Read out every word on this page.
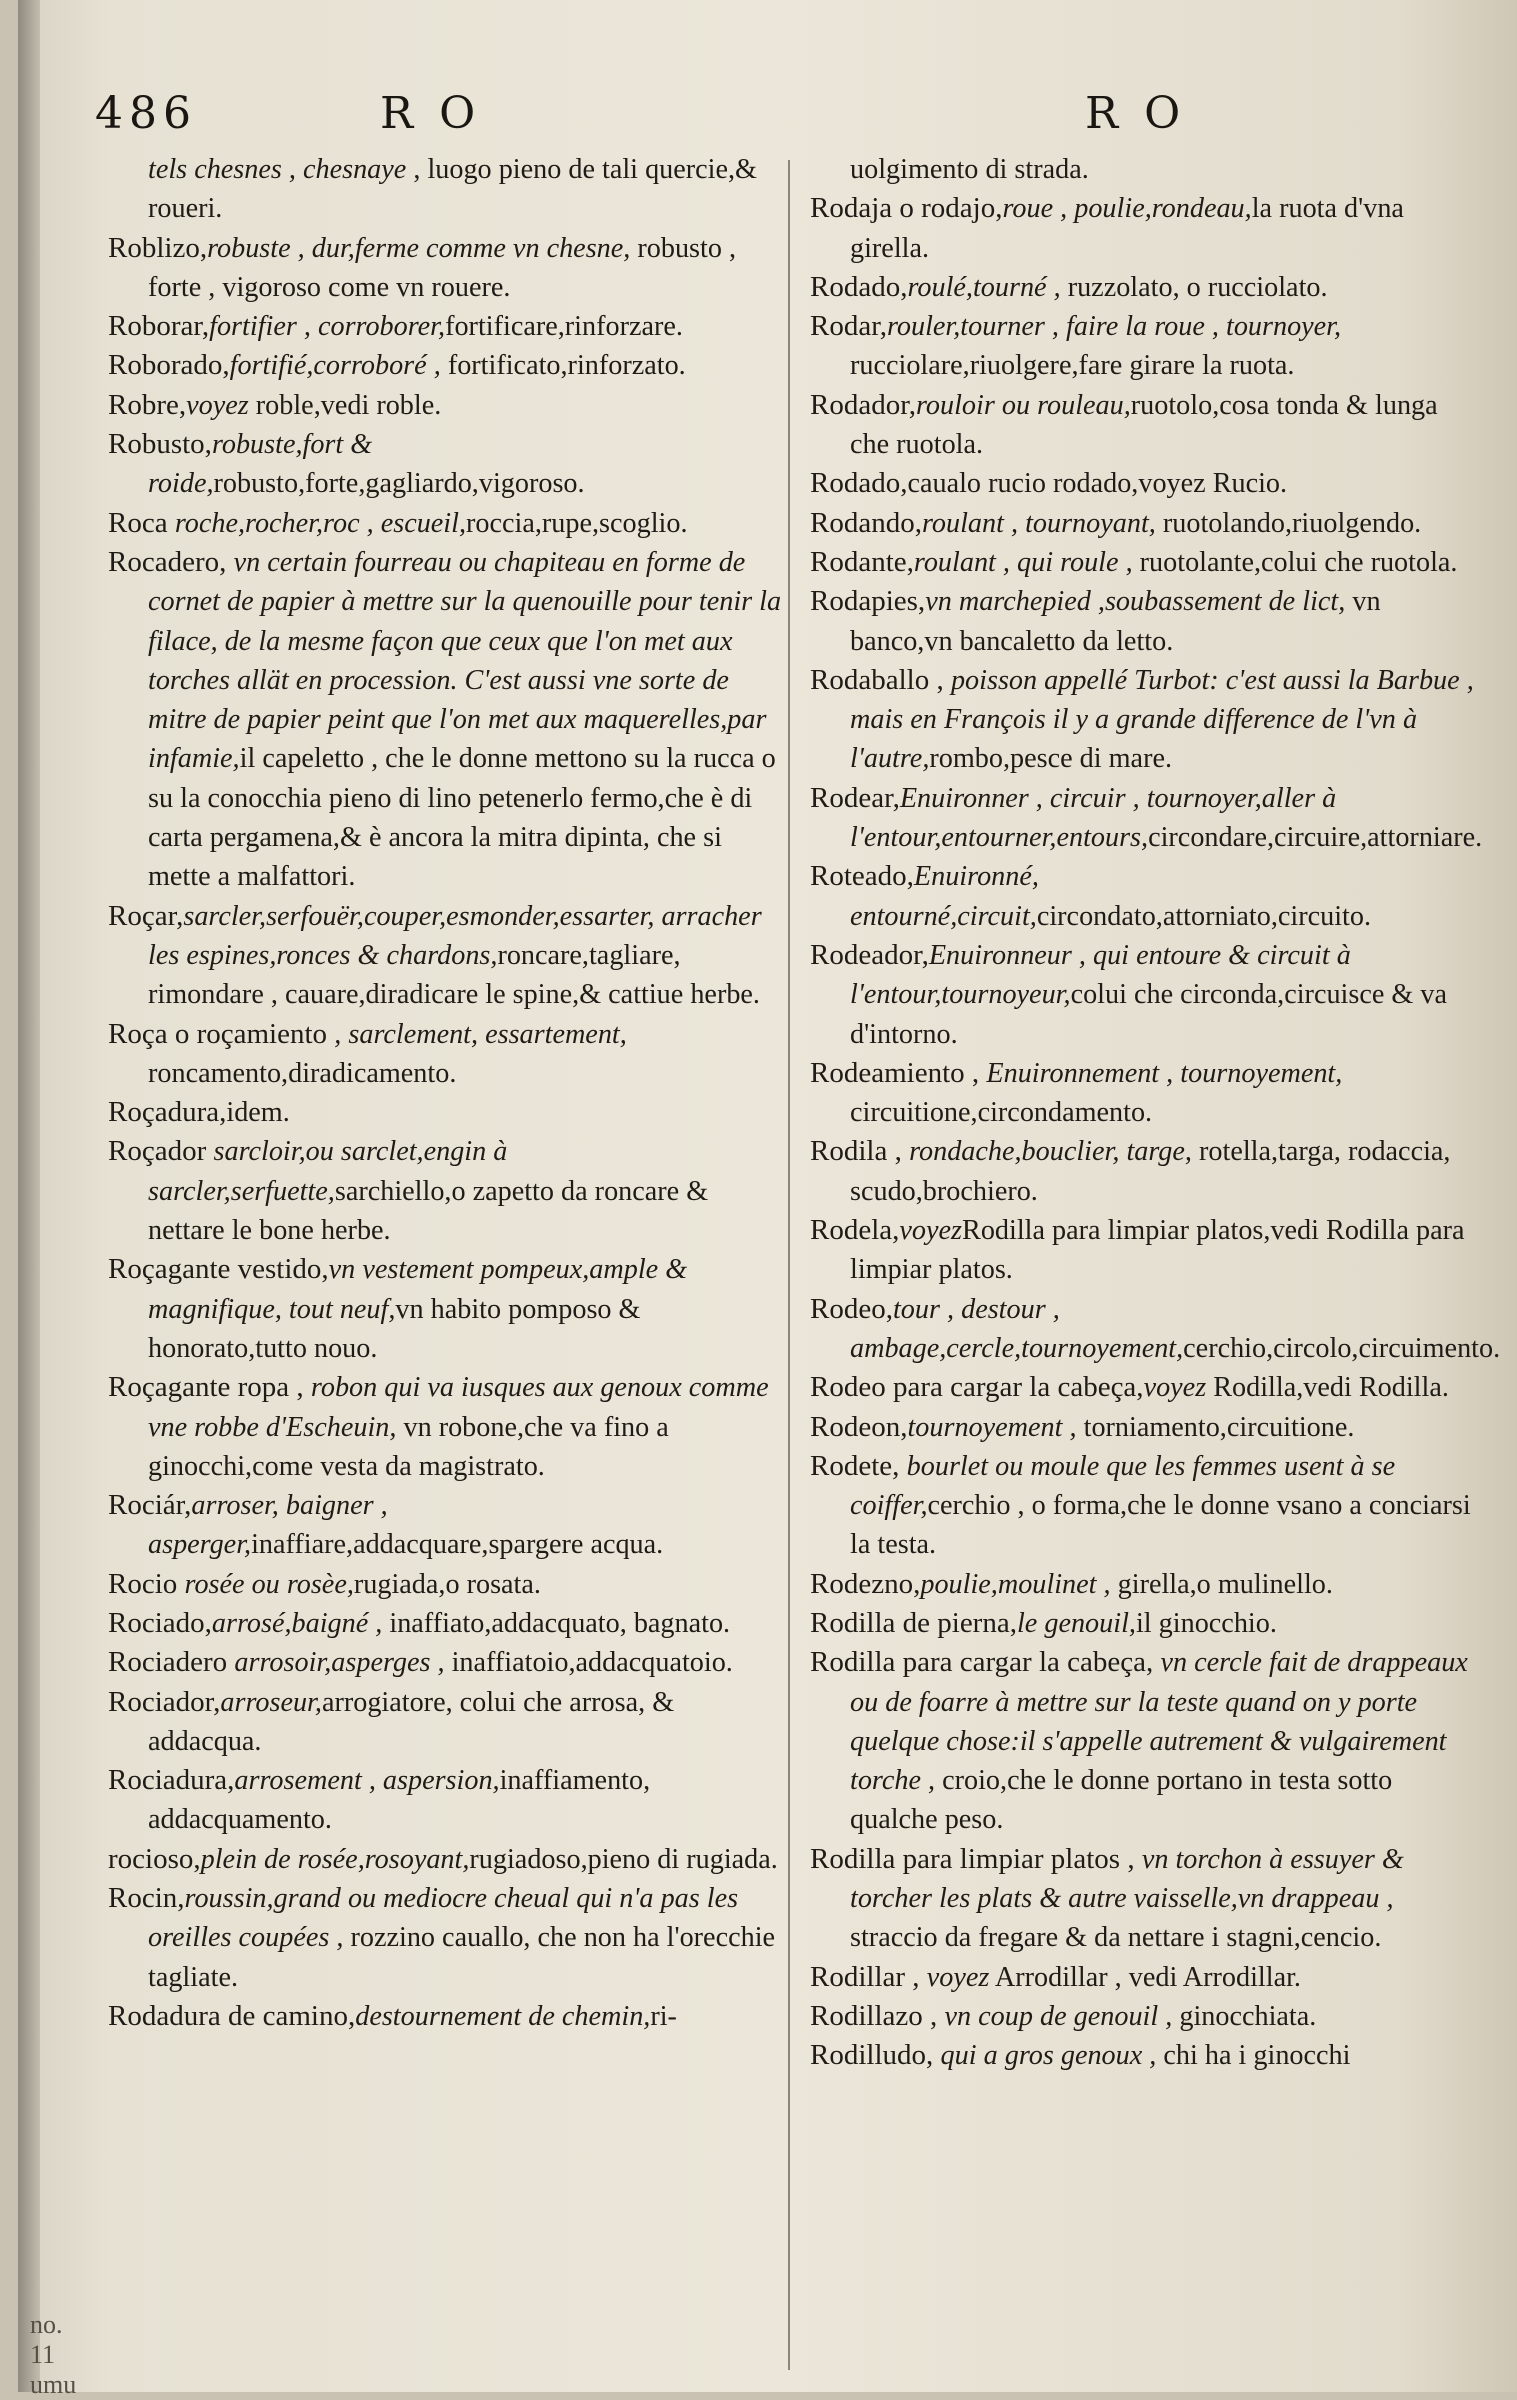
486	R O	R O
tels chesnes , chesnaye , luogo pieno de tali quercie,& roueri.
Roblizo,robuste , dur,ferme comme vn chesne, robusto , forte , vigoroso come vn rouere.
Roborar,fortifier , corroborer,fortificare,rinforzare.
Roborado,fortifié,corroboré , fortificato,rinforzato.
Robre,voyez roble,vedi roble.
Robusto,robuste,fort & roide,robusto,forte,gagliardo,vigoroso.
Roca roche,rocher,roc , escueil,roccia,rupe,scoglio.
Rocadero, vn certain fourreau ou chapiteau en forme de cornet de papier à mettre sur la quenouille pour tenir la filace, de la mesme façon que ceux que l'on met aux torches allät en procession. C'est aussi vne sorte de mitre de papier peint que l'on met aux maquerelles,par infamie,il capeletto , che le donne mettono su la rucca o su la conocchia pieno di lino petenerlo fermo,che è di carta pergamena,& è ancora la mitra dipinta, che si mette a malfattori.
Roçar,sarcler,serfouër,couper,esmonder,essarter, arracher les espines,ronces & chardons,roncare,tagliare, rimondare , cauare,diradicare le spine,& cattiue herbe.
Roça o roçamiento , sarclement, essartement, roncamento,diradicamento.
Roçadura,idem.
Roçador sarcloir,ou sarclet,engin à sarcler,serfuette,sarchiello,o zapetto da roncare & nettare le bone herbe.
Roçagante vestido,vn vestement pompeux,ample & magnifique, tout neuf,vn habito pomposo & honorato,tutto nouo.
Roçagante ropa , robon qui va iusques aux genoux comme vne robbe d'Escheuin, vn robone,che va fino a ginocchi,come vesta da magistrato.
Rociár,arroser, baigner , asperger,inaffiare,addacquare,spargere acqua.
Rocio rosée ou rosèe,rugiada,o rosata.
Rociado,arrosé,baigné , inaffiato,addacquato, bagnato.
Rociadero arrosoir,asperges , inaffiatoio,addacquatoio.
Rociador,arroseur,arrogiatore, colui che arrosa, & addacqua.
Rociadura,arrosement , aspersion,inaffiamento, addacquamento.
rocioso,plein de rosée,rosoyant,rugiadoso,pieno di rugiada.
Rocin,roussin,grand ou mediocre cheual qui n'a pas les oreilles coupées , rozzino cauallo, che non ha l'orecchie tagliate.
Rodadura de camino,destournement de chemin,ri-
uolgimento di strada.
Rodaja o rodajo,roue , poulie,rondeau,la ruota d'vna girella.
Rodado,roulé,tourné , ruzzolato, o rucciolato.
Rodar,rouler,tourner , faire la roue , tournoyer, rucciolare,riuolgere,fare girare la ruota.
Rodador,rouloir ou rouleau,ruotolo,cosa tonda & lunga che ruotola.
Rodado,caualo rucio rodado,voyez Rucio.
Rodando,roulant , tournoyant, ruotolando,riuolgendo.
Rodante,roulant , qui roule , ruotolante,colui che ruotola.
Rodapies,vn marchepied ,soubassement de lict, vn banco,vn bancaletto da letto.
Rodaballo , poisson appellé Turbot: c'est aussi la Barbue , mais en François il y a grande difference de l'vn à l'autre,rombo,pesce di mare.
Rodear,Enuironner , circuir , tournoyer,aller à l'entour,entourner,entours,circondare,circuire,attorniare.
Roteado,Enuironné, entourné,circuit,circondato,attorniato,circuito.
Rodeador,Enuironneur , qui entoure & circuit à l'entour,tournoyeur,colui che circonda,circuisce & va d'intorno.
Rodeamiento , Enuironnement , tournoyement, circuitione,circondamento.
Rodila , rondache,bouclier, targe, rotella,targa, rodaccia, scudo,brochiero.
Rodela,voyezRodilla para limpiar platos,vedi Rodilla para limpiar platos.
Rodeo,tour , destour , ambage,cercle,tournoyement,cerchio,circolo,circuimento.
Rodeo para cargar la cabeça,voyez Rodilla,vedi Rodilla.
Rodeon,tournoyement , torniamento,circuitione.
Rodete, bourlet ou moule que les femmes usent à se coiffer,cerchio , o forma,che le donne vsano a conciarsi la testa.
Rodezno,poulie,moulinet , girella,o mulinello.
Rodilla de pierna,le genouil,il ginocchio.
Rodilla para cargar la cabeça, vn cercle fait de drappeaux ou de foarre à mettre sur la teste quand on y porte quelque chose:il s'appelle autrement & vulgairement torche , croio,che le donne portano in testa sotto qualche peso.
Rodilla para limpiar platos , vn torchon à essuyer & torcher les plats & autre vaisselle,vn drappeau , straccio da fregare & da nettare i stagni,cencio.
Rodillar , voyez Arrodillar , vedi Arrodillar.
Rodillazo , vn coup de genouil , ginocchiata.
Rodilludo, qui a gros genoux , chi ha i ginocchi
no. 11 umu
